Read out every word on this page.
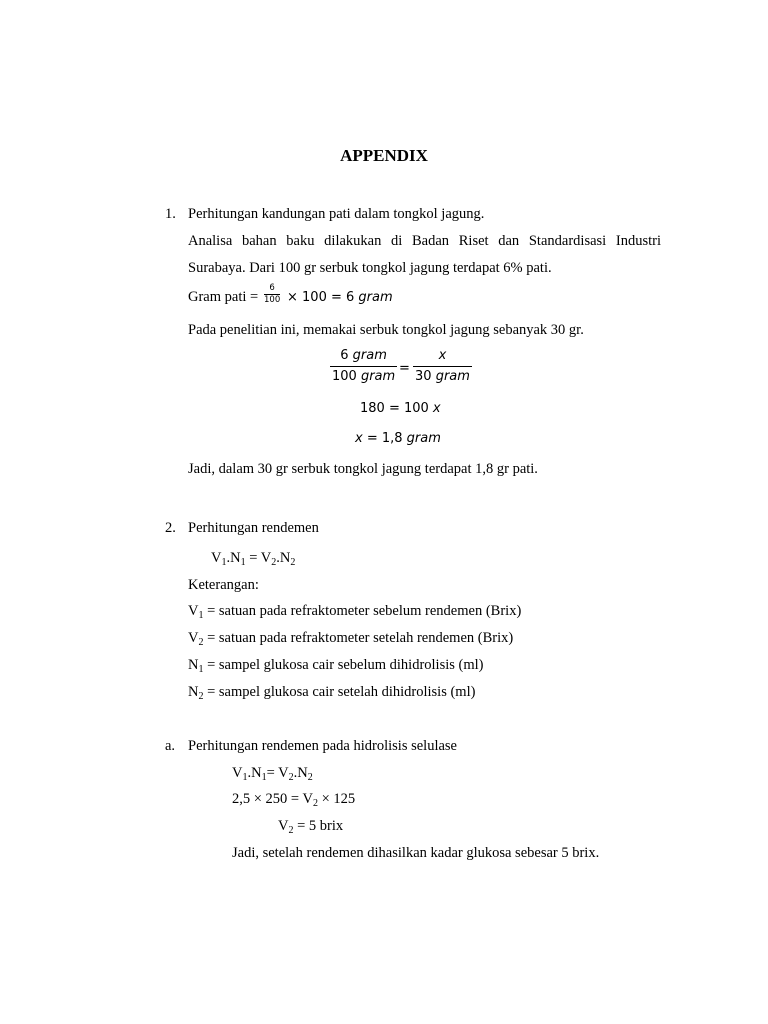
APPENDIX
1. Perhitungan kandungan pati dalam tongkol jagung.
Analisa bahan baku dilakukan di Badan Riset dan Standardisasi Industri
Surabaya. Dari 100 gr serbuk tongkol jagung terdapat 6% pati.
Gram pati =
6
100 × 100 = 6 gram
Pada penelitian ini, memakai serbuk tongkol jagung sebanyak 30 gr.
6 gram
100 gram
=
x
30 gram
180 = 100 x
x = 1,8 gram
Jadi, dalam 30 gr serbuk tongkol jagung terdapat 1,8 gr pati.
2. Perhitungan rendemen
$V_1.N_1 = V_2.N_2$
Keterangan:
$V_1$ = satuan pada refraktometer sebelum rendemen (Brix)
$V_2$ = satuan pada refraktometer setelah rendemen (Brix)
$N_1$ = sampel glukosa cair sebelum dihidrolisis (ml)
$N_2$ = sampel glukosa cair setelah dihidrolisis (ml)
a. Perhitungan rendemen pada hidrolisis selulase
$V_1.N_1= V_2.N_2$
$2,5 \times 250 = V_2 \times 125$
$V_2 = 5$ brix
Jadi, setelah rendemen dihasilkan kadar glukosa sebesar 5 brix.
